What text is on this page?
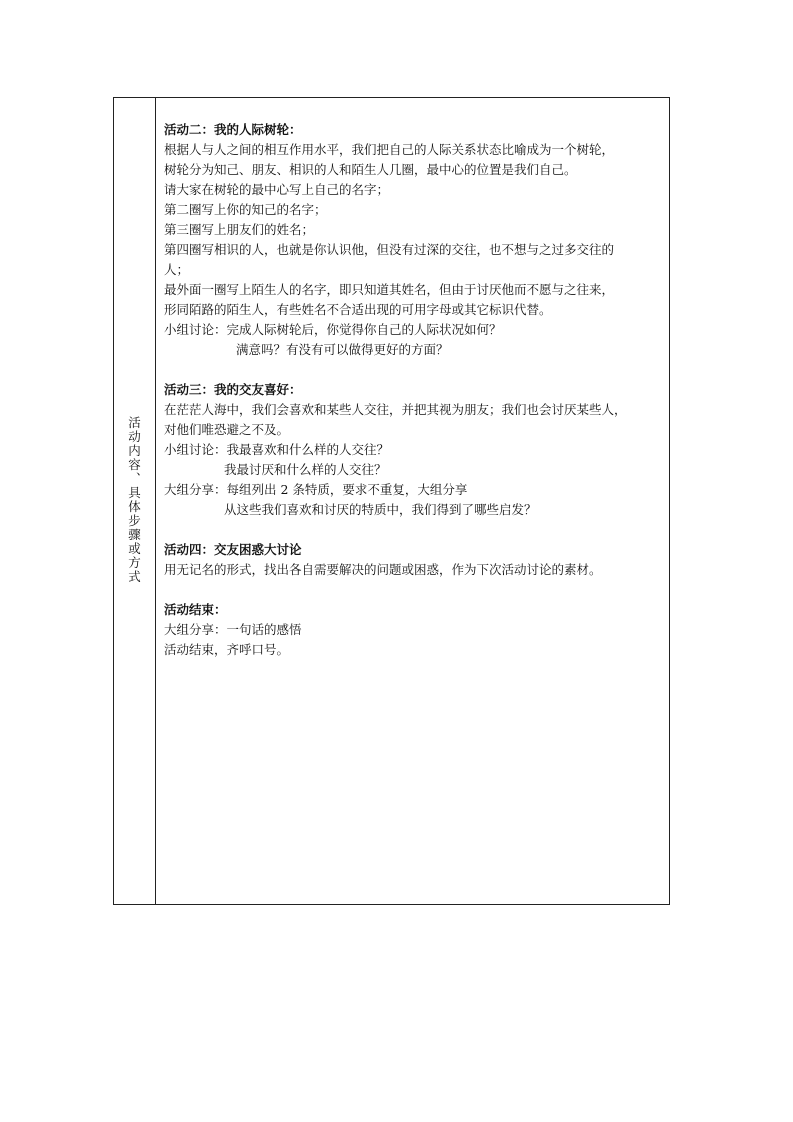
活动内容、具体步骤或方式
活动二：我的人际树轮：
根据人与人之间的相互作用水平，我们把自己的人际关系状态比喻成为一个树轮，
树轮分为知己、朋友、相识的人和陌生人几圈，最中心的位置是我们自己。
请大家在树轮的最中心写上自己的名字；
第二圈写上你的知己的名字；
第三圈写上朋友们的姓名；
第四圈写相识的人，也就是你认识他，但没有过深的交往，也不想与之过多交往的
人；
最外面一圈写上陌生人的名字，即只知道其姓名，但由于讨厌他而不愿与之往来，
形同陌路的陌生人，有些姓名不合适出现的可用字母或其它标识代替。
小组讨论：完成人际树轮后，你觉得你自己的人际状况如何？
满意吗？有没有可以做得更好的方面？
活动三：我的交友喜好：
在茫茫人海中，我们会喜欢和某些人交往，并把其视为朋友；我们也会讨厌某些人，
对他们唯恐避之不及。
小组讨论：我最喜欢和什么样的人交往？
我最讨厌和什么样的人交往？
大组分享：每组列出 2 条特质，要求不重复，大组分享
从这些我们喜欢和讨厌的特质中，我们得到了哪些启发？
活动四：交友困惑大讨论
用无记名的形式，找出各自需要解决的问题或困惑，作为下次活动讨论的素材。
活动结束：
大组分享：一句话的感悟
活动结束，齐呼口号。
